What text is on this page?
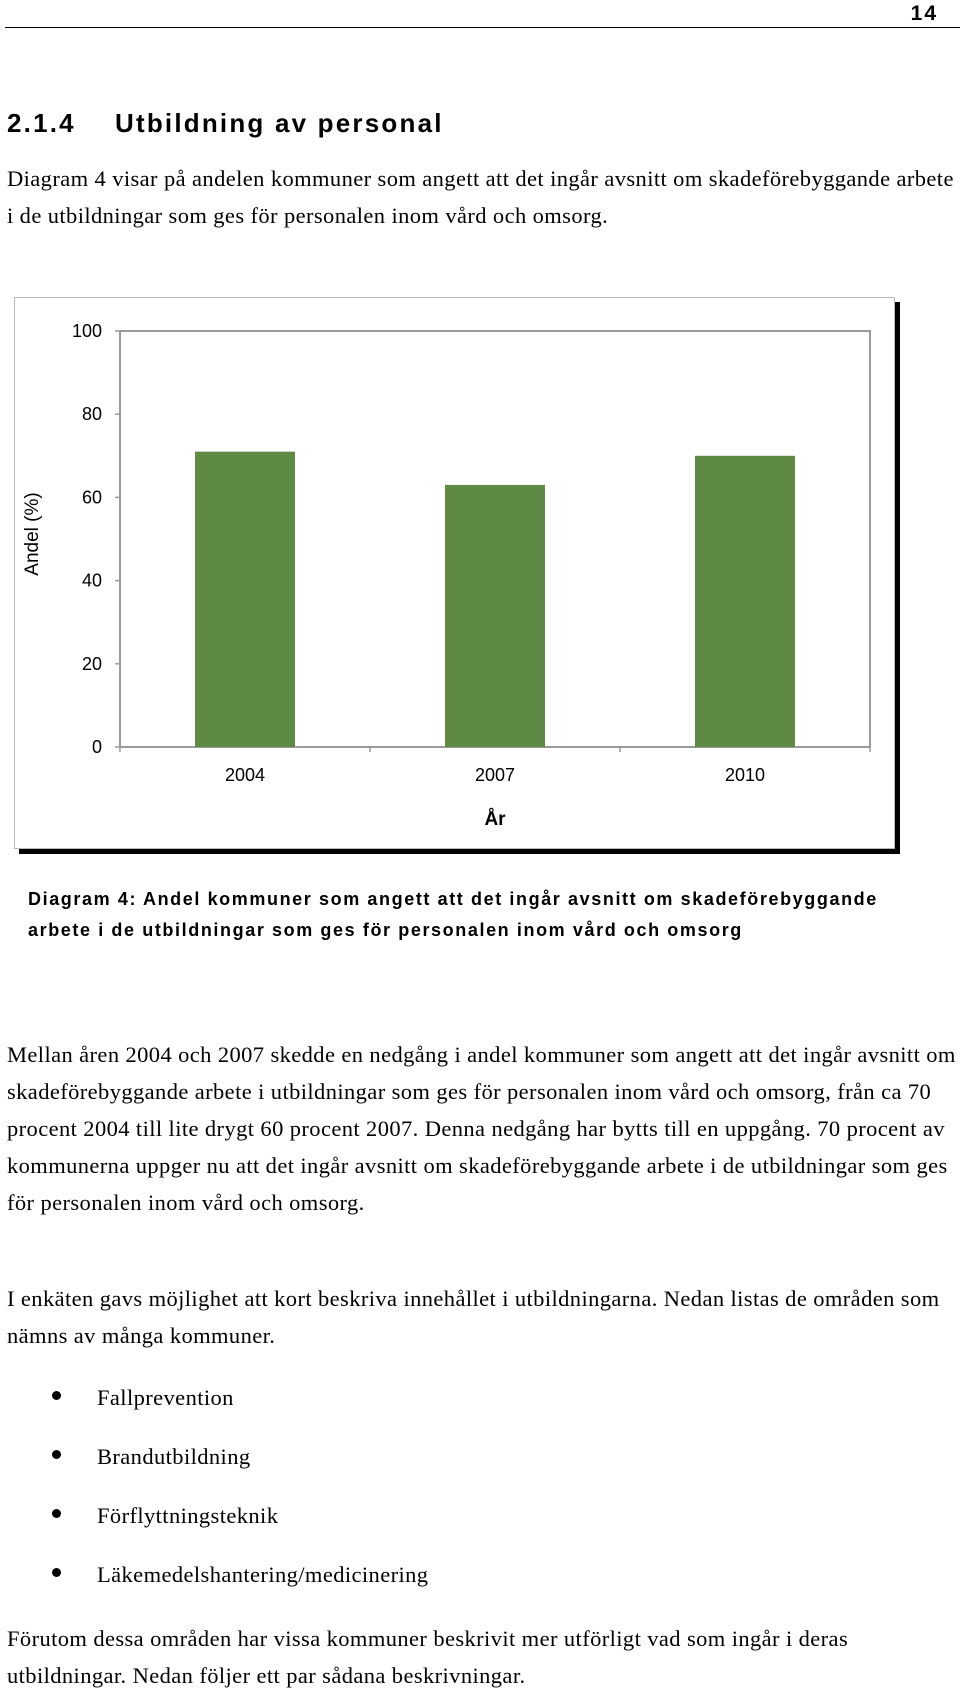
14
2.1.4 Utbildning av personal

Diagram 4 visar på andelen kommuner som angett att det ingår avsnitt om skadeförebyggande arbete i de utbildningar som ges för personalen inom vård och omsorg.

0
20
40
60
80
100
2004	2007	2010
År
Andel (%)
Diagram 4: Andel kommuner som angett att det ingår avsnitt om skadeförebyggande arbete i de utbildningar som ges för personalen inom vård och omsorg

Mellan åren 2004 och 2007 skedde en nedgång i andel kommuner som angett att det ingår avsnitt om skadeförebyggande arbete i utbildningar som ges för personalen inom vård och omsorg, från ca 70 procent 2004 till lite drygt 60 procent 2007. Denna nedgång har bytts till en uppgång. 70 procent av kommunerna uppger nu att det ingår avsnitt om skadeförebyggande arbete i de utbildningar som ges för personalen inom vård och omsorg.

I enkäten gavs möjlighet att kort beskriva innehållet i utbildningarna. Nedan listas de områden som nämns av många kommuner.

Fallprevention
Brandutbildning
Förflyttningsteknik
Läkemedelshantering/medicinering

Förutom dessa områden har vissa kommuner beskrivit mer utförligt vad som ingår i deras utbildningar. Nedan följer ett par sådana beskrivningar.
